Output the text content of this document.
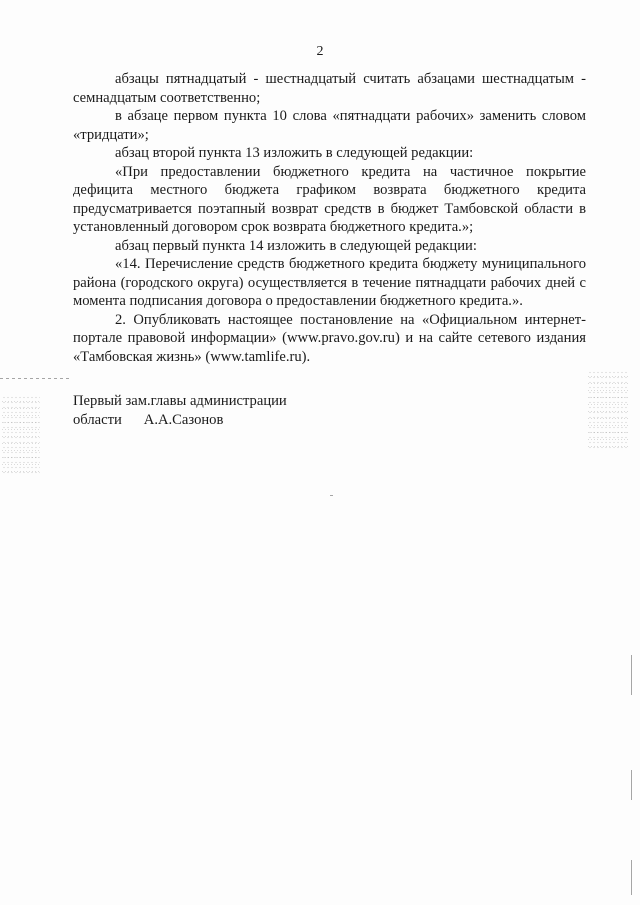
2

абзацы пятнадцатый - шестнадцатый считать абзацами шестнадцатым - семнадцатым соответственно;

в абзаце первом пункта 10 слова «пятнадцати рабочих» заменить словом «тридцати»;

абзац второй пункта 13 изложить в следующей редакции:

«При предоставлении бюджетного кредита на частичное покрытие дефицита местного бюджета графиком возврата бюджетного кредита предусматривается поэтапный возврат средств в бюджет Тамбовской области в установленный договором срок возврата бюджетного кредита.»;

абзац первый пункта 14 изложить в следующей редакции:

«14. Перечисление средств бюджетного кредита бюджету муниципального района (городского округа) осуществляется в течение пятнадцати рабочих дней с момента подписания договора о предоставлении бюджетного кредита.».

2. Опубликовать настоящее постановление на «Официальном интернет-портале правовой информации» (www.pravo.gov.ru) и на сайте сетевого издания «Тамбовская жизнь» (www.tamlife.ru).

Первый зам.главы администрации
области А.А.Сазонов
